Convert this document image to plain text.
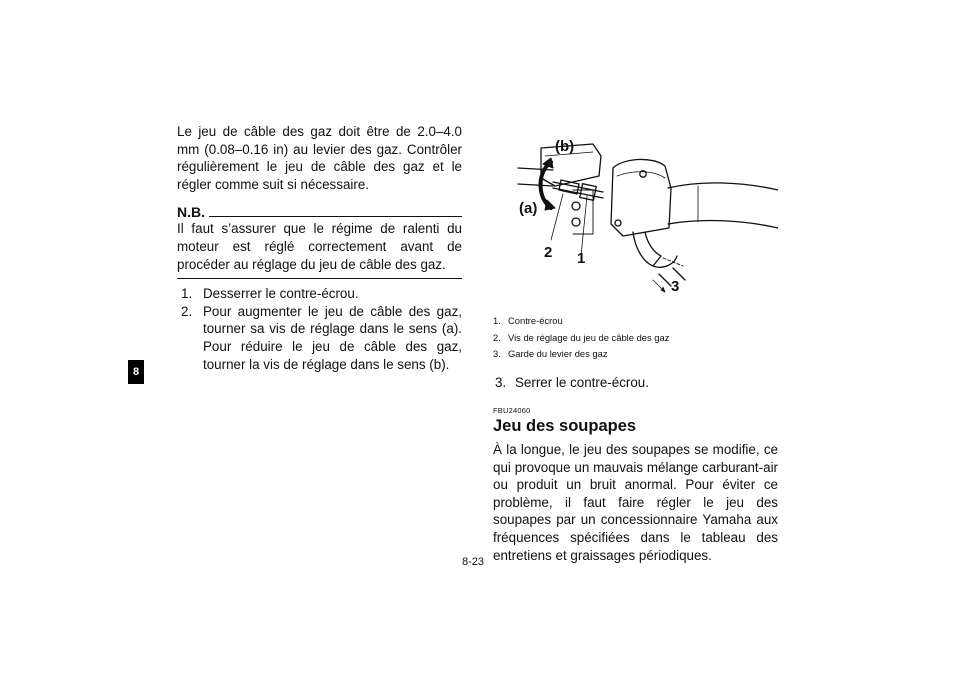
8

Le jeu de câble des gaz doit être de 2.0–4.0 mm (0.08–0.16 in) au levier des gaz. Contrôler régulièrement le jeu de câble des gaz et le régler comme suit si nécessaire.

N.B.

Il faut s’assurer que le régime de ralenti du moteur est réglé correctement avant de procéder au réglage du jeu de câble des gaz.

1. Desserrer le contre-écrou.
2. Pour augmenter le jeu de câble des gaz, tourner sa vis de réglage dans le sens (a). Pour réduire le jeu de câble des gaz, tourner la vis de réglage dans le sens (b).
(b)
(a)
2 1
3
1. Contre-écrou
2. Vis de réglage du jeu de câble des gaz
3. Garde du levier des gaz
3. Serrer le contre-écrou.
FBU24060
Jeu des soupapes

À la longue, le jeu des soupapes se modifie, ce qui provoque un mauvais mélange carburant-air ou produit un bruit anormal. Pour éviter ce problème, il faut faire régler le jeu des soupapes par un concessionnaire Yamaha aux fréquences spécifiées dans le tableau des entretiens et graissages périodiques.

8-23
